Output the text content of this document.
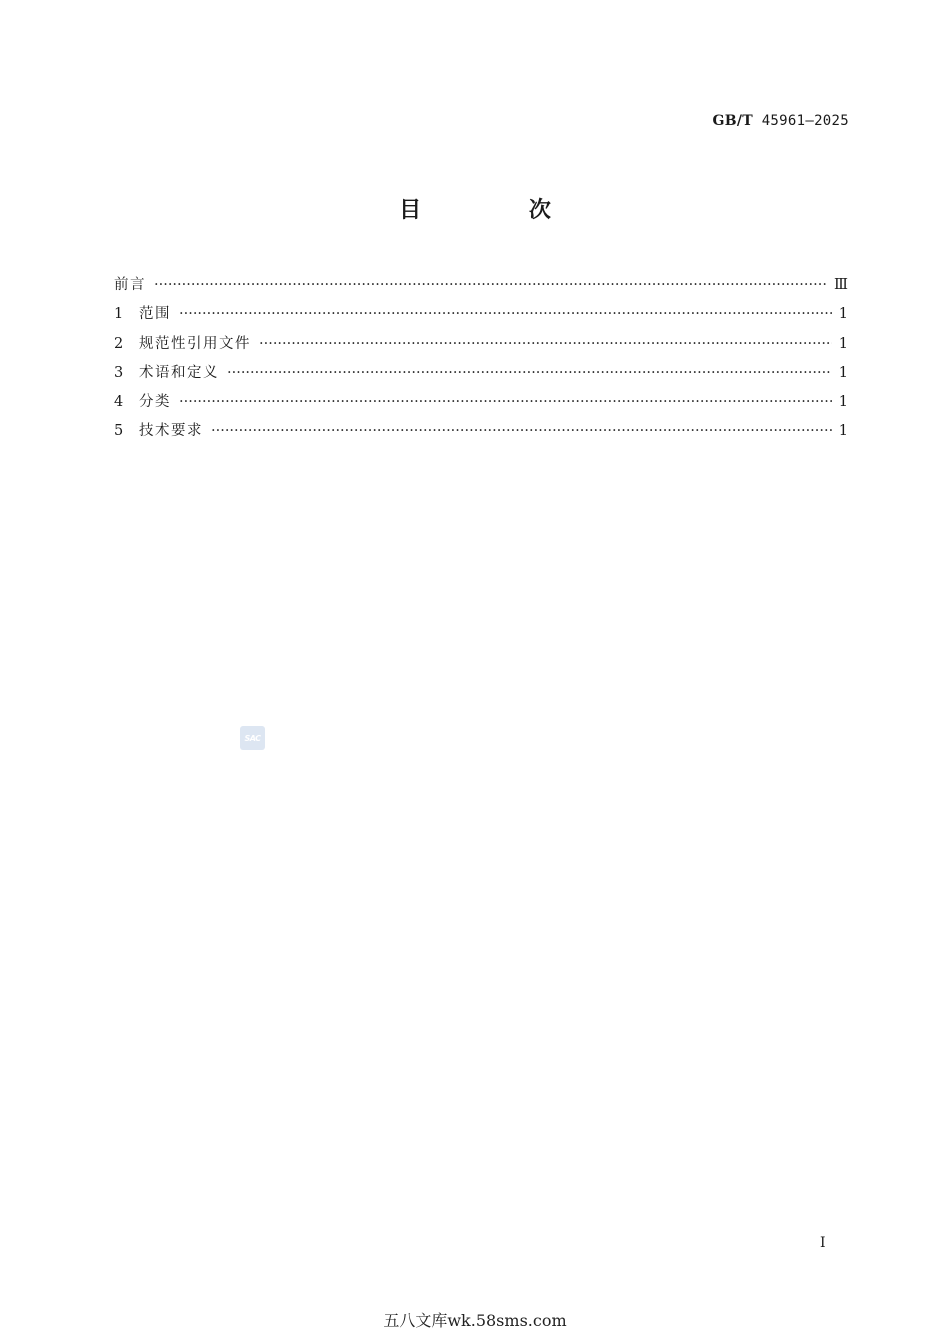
GB/T 45961—2025
目 次
前言 ·····	Ⅲ
1	范围 ·····	1
2	规范性引用文件 ·····	1
3	术语和定义 ·····	1
4	分类 ·····	1
5	技术要求 ·····	1
SAC
I
五八文库wk.58sms.com
